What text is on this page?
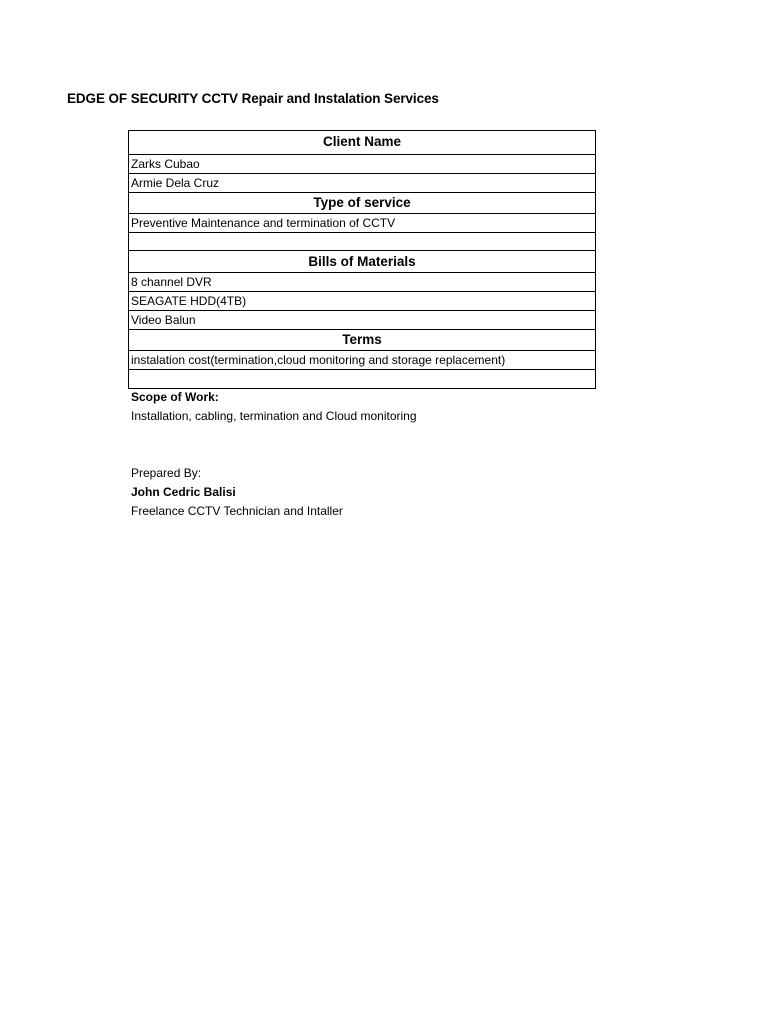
EDGE OF SECURITY CCTV Repair and Instalation Services
Client Name
Zarks Cubao
Armie Dela Cruz
Type of service
Preventive Maintenance and termination of CCTV
Bills of Materials
8 channel DVR
SEAGATE HDD(4TB)
Video Balun
Terms
instalation cost(termination,cloud monitoring and storage replacement)
Scope of Work:
Installation, cabling, termination and Cloud monitoring
Prepared By:
John Cedric Balisi
Freelance CCTV Technician and Intaller
